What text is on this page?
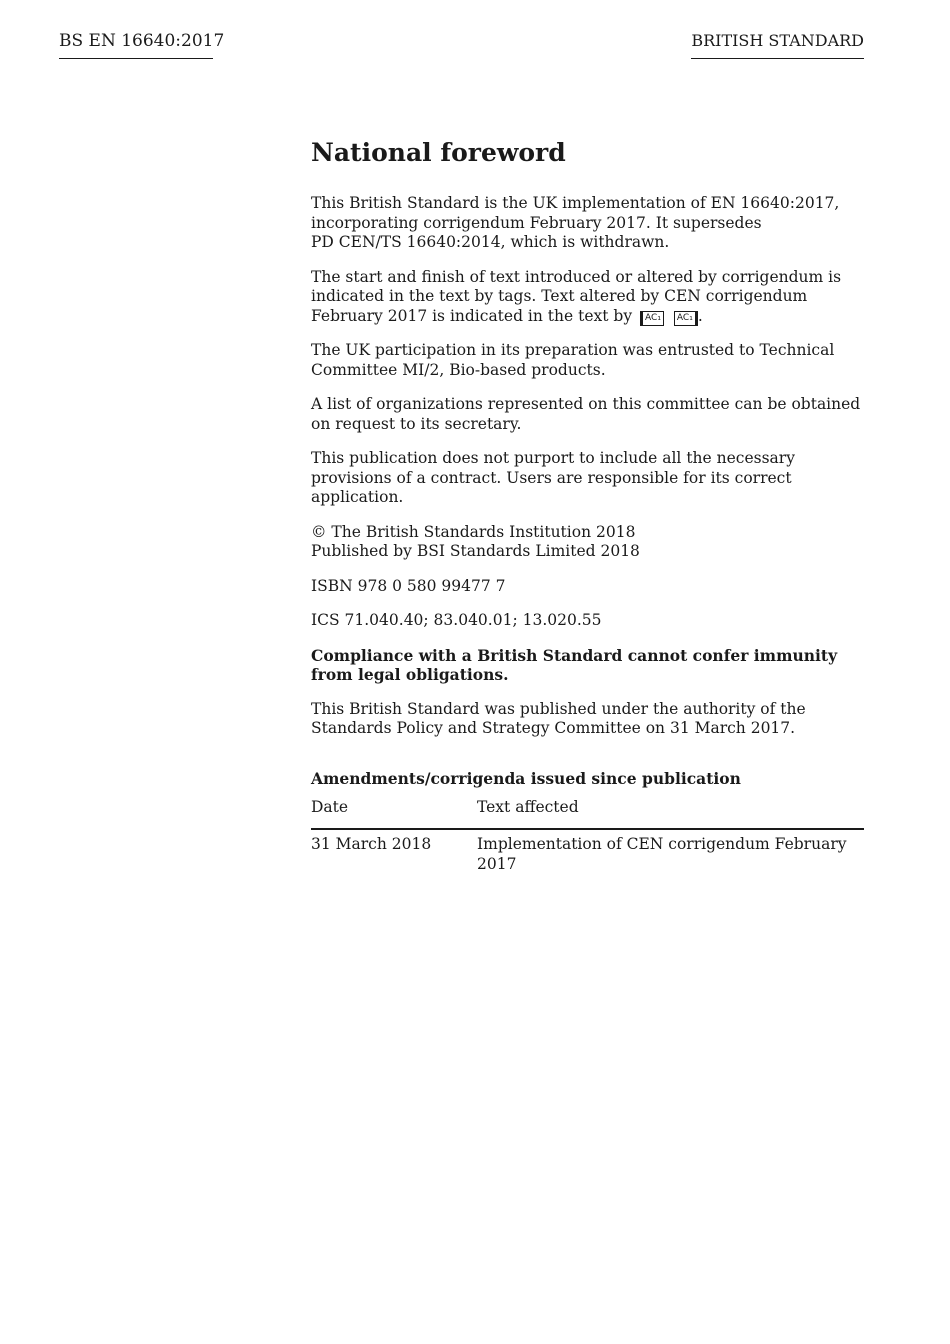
BS EN 16640:2017	BRITISH STANDARD
National foreword

This British Standard is the UK implementation of EN 16640:2017,
incorporating corrigendum February 2017. It supersedes
PD CEN/TS 16640:2014, which is withdrawn.

The start and finish of text introduced or altered by corrigendum is indicated in the text by tags. Text altered by CEN corrigendum February 2017 is indicated in the text by AC₁ AC₁ .

The UK participation in its preparation was entrusted to Technical Committee MI/2, Bio-based products.

A list of organizations represented on this committee can be obtained on request to its secretary.

This publication does not purport to include all the necessary provisions of a contract. Users are responsible for its correct application.

© The British Standards Institution 2018
Published by BSI Standards Limited 2018

ISBN 978 0 580 99477 7

ICS 71.040.40; 83.040.01; 13.020.55

Compliance with a British Standard cannot confer immunity from legal obligations.

This British Standard was published under the authority of the Standards Policy and Strategy Committee on 31 March 2017.

Amendments/corrigenda issued since publication
Date	Text affected
31 March 2018	Implementation of CEN corrigendum February 2017
